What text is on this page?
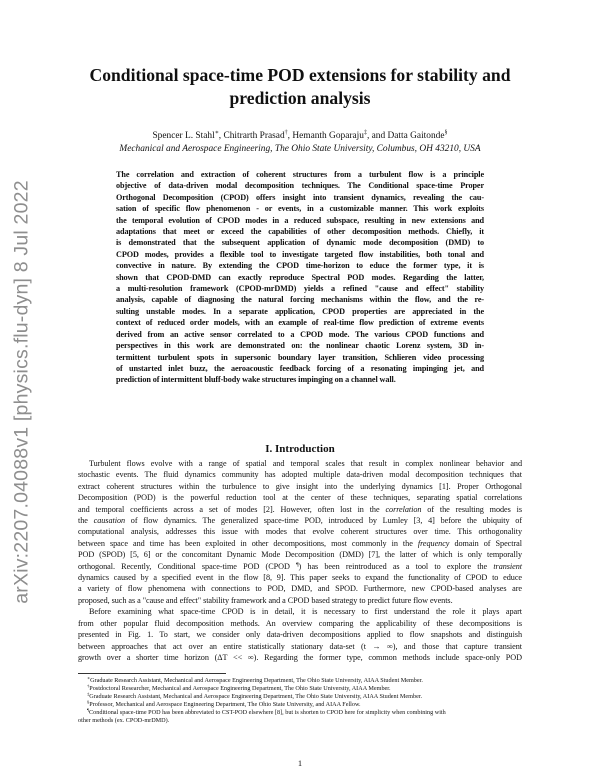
arXiv:2207.04088v1 [physics.flu-dyn] 8 Jul 2022
Conditional space-time POD extensions for stability and
prediction analysis
Spencer L. Stahl∗, Chitrarth Prasad†, Hemanth Goparaju‡, and Datta Gaitonde§
Mechanical and Aerospace Engineering, The Ohio State University, Columbus, OH 43210, USA
The correlation and extraction of coherent structures from a turbulent flow is a principle
objective of data-driven modal decomposition techniques. The Conditional space-time Proper
Orthogonal Decomposition (CPOD) offers insight into transient dynamics, revealing the cau-
sation of specific flow phenomenon - or events, in a customizable manner. This work exploits
the temporal evolution of CPOD modes in a reduced subspace, resulting in new extensions and
adaptations that meet or exceed the capabilities of other decomposition methods. Chiefly, it
is demonstrated that the subsequent application of dynamic mode decomposition (DMD) to
CPOD modes, provides a flexible tool to investigate targeted flow instabilities, both tonal and
convective in nature. By extending the CPOD time-horizon to educe the former type, it is
shown that CPOD-DMD can exactly reproduce Spectral POD modes. Regarding the latter,
a multi-resolution framework (CPOD-mrDMD) yields a refined "cause and effect" stability
analysis, capable of diagnosing the natural forcing mechanisms within the flow, and the re-
sulting unstable modes. In a separate application, CPOD properties are appreciated in the
context of reduced order models, with an example of real-time flow prediction of extreme events
derived from an active sensor correlated to a CPOD mode. The various CPOD functions and
perspectives in this work are demonstrated on: the nonlinear chaotic Lorenz system, 3D in-
termittent turbulent spots in supersonic boundary layer transition, Schlieren video processing
of unstarted inlet buzz, the aeroacoustic feedback forcing of a resonating impinging jet, and
prediction of intermittent bluff-body wake structures impinging on a channel wall.
I. Introduction
Turbulent flows evolve with a range of spatial and temporal scales that result in complex nonlinear behavior and
stochastic events. The fluid dynamics community has adopted multiple data-driven modal decomposition techniques that
extract coherent structures within the turbulence to give insight into the underlying dynamics [1]. Proper Orthogonal
Decomposition (POD) is the powerful reduction tool at the center of these techniques, separating spatial correlations
and temporal coefficients across a set of modes [2]. However, often lost in the correlation of the resulting modes is
the causation of flow dynamics. The generalized space-time POD, introduced by Lumley [3, 4] before the ubiquity of
computational analysis, addresses this issue with modes that evolve coherent structures over time. This orthogonality
between space and time has been exploited in other decompositions, most commonly in the frequency domain of Spectral
POD (SPOD) [5, 6] or the concomitant Dynamic Mode Decomposition (DMD) [7], the latter of which is only temporally
orthogonal. Recently, Conditional space-time POD (CPOD ¶) has been reintroduced as a tool to explore the transient
dynamics caused by a specified event in the flow [8, 9]. This paper seeks to expand the functionality of CPOD to educe
a variety of flow phenomena with connections to POD, DMD, and SPOD. Furthermore, new CPOD-based analyses are
proposed, such as a "cause and effect" stability framework and a CPOD based strategy to predict future flow events.
Before examining what space-time CPOD is in detail, it is necessary to first understand the role it plays apart
from other popular fluid decomposition methods. An overview comparing the applicability of these decompositions is
presented in Fig. 1. To start, we consider only data-driven decompositions applied to flow snapshots and distinguish
between approaches that act over an entire statistically stationary data-set (t → ∞), and those that capture transient
growth over a shorter time horizon (ΔT << ∞). Regarding the former type, common methods include space-only POD
∗Graduate Research Assistant, Mechanical and Aerospace Engineering Department, The Ohio State University, AIAA Student Member.
†Postdoctoral Researcher, Mechanical and Aerospace Engineering Department, The Ohio State University, AIAA Member.
‡Graduate Research Assistant, Mechanical and Aerospace Engineering Department, The Ohio State University, AIAA Student Member.
§Professor, Mechanical and Aerospace Engineering Department, The Ohio State University, and AIAA Fellow.
¶Conditional space-time POD has been abbreviated to CST-POD elsewhere [8], but is shorten to CPOD here for simplicity when combining with
other methods (ex. CPOD-mrDMD).
1
